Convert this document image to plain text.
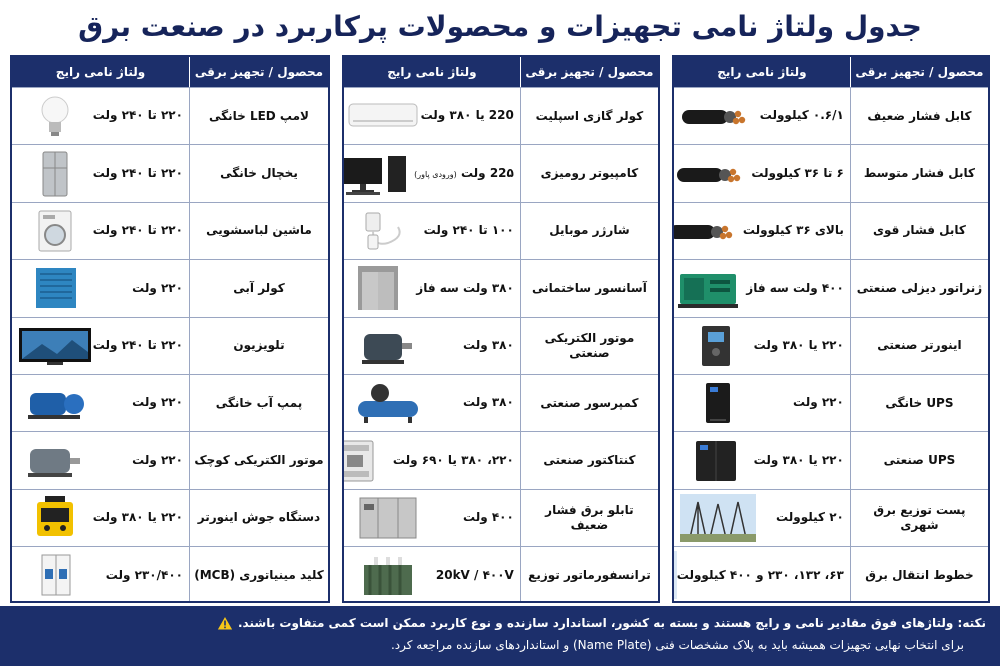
جدول ولتاژ نامی تجهیزات و محصولات پرکاربرد در صنعت برق
محصول / تجهیز برقی
ولتاژ نامی رایج
کابل فشار ضعیف
۰.۶/۱ کیلوولت
کابل فشار متوسط
۶ تا ۳۶ کیلوولت
کابل فشار قوی
بالای ۳۶ کیلوولت
ژنراتور دیزلی صنعتی
۴۰۰ ولت سه فاز
اینورتر صنعتی
۲۲۰ یا ۳۸۰ ولت
UPS خانگی
۲۲۰ ولت
UPS صنعتی
۲۲۰ یا ۳۸۰ ولت
پست توزیع برق شهری
۲۰ کیلوولت
خطوط انتقال برق
۶۳، ۱۳۲، ۲۳۰ و ۴۰۰ کیلوولت
محصول / تجهیز برقی
ولتاژ نامی رایج
کولر گازی اسپلیت
220 یا ۳۸۰ ولت
کامپیوتر رومیزی
22۵ ولت (ورودی پاور)
شارژر موبایل
۱۰۰ تا ۲۴۰ ولت
آسانسور ساختمانی
۳۸۰ ولت سه فاز
موتور الکتریکی صنعتی
۳۸۰ ولت
کمپرسور صنعتی
۳۸۰ ولت
کنتاکتور صنعتی
۲۲۰، ۳۸۰ یا ۶۹۰ ولت
تابلو برق فشار ضعیف
۴۰۰ ولت
ترانسفورماتور توزیع
20kV / ۴۰۰V
محصول / تجهیز برقی
ولتاژ نامی رایج
لامپ LED خانگی
۲۲۰ تا ۲۴۰ ولت
یخچال خانگی
۲۲۰ تا ۲۴۰ ولت
ماشین لباسشویی
۲۲۰ تا ۲۴۰ ولت
کولر آبی
۲۲۰ ولت
تلویزیون
۲۲۰ تا ۲۴۰ ولت
پمپ آب خانگی
۲۲۰ ولت
موتور الکتریکی کوچک
۲۲۰ ولت
دستگاه جوش اینورتر
۲۲۰ یا ۳۸۰ ولت
کلید مینیاتوری (MCB)
۲۳۰/۴۰۰ ولت
نکته: ولتاژهای فوق مقادیر نامی و رایج هستند و بسته به کشور، استاندارد سازنده و نوع کاربرد ممکن است کمی متفاوت باشند.
برای انتخاب نهایی تجهیزات همیشه باید به پلاک مشخصات فنی (Name Plate) و استانداردهای سازنده مراجعه کرد.
